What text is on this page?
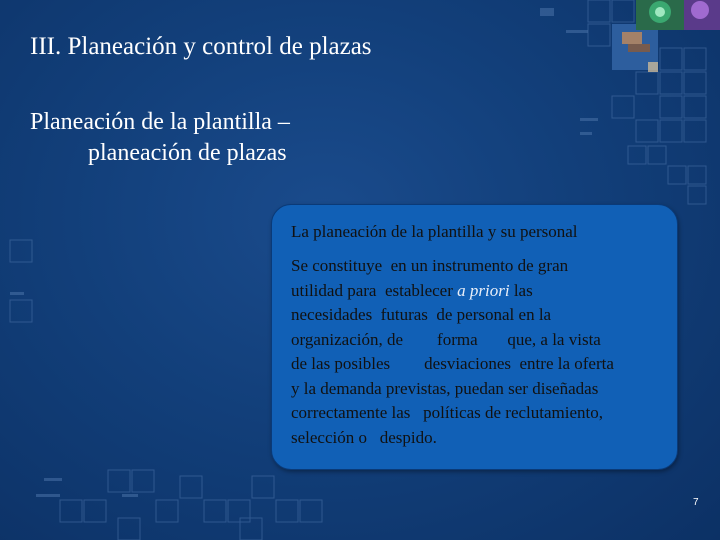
III. Planeación y control de plazas
Planeación de la plantilla –
planeación de plazas
La planeación de la plantilla y su personal
Se constituye  en un instrumento de gran
utilidad para  establecer a priori las
necesidades  futuras  de personal en la
organización, de        forma       que, a la vista
de las posibles        desviaciones  entre la oferta
y la demanda previstas, puedan ser diseñadas
correctamente las   políticas de reclutamiento,
selección o   despido.
7
